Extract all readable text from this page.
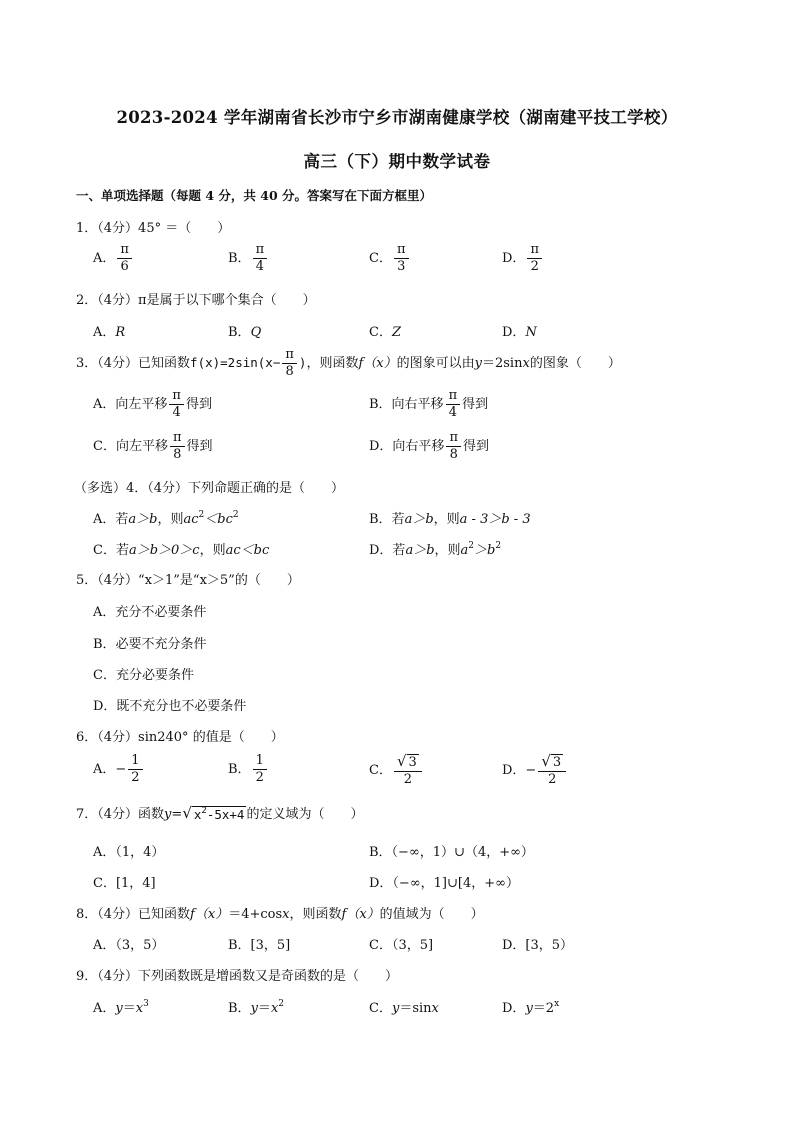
2023-2024 学年湖南省长沙市宁乡市湖南健康学校（湖南建平技工学校）
高三（下）期中数学试卷
一、单项选择题（每题 4 分，共 40 分。答案写在下面方框里）
1．（4分）45° ＝（　　）
A． $\frac{\pi}{6}$	B． $\frac{\pi}{4}$	C． $\frac{\pi}{3}$	D． $\frac{\pi}{2}$
2．（4分）π是属于以下哪个集合（　　）
A．R	B．Q	C．Z	D．N
3．（4分）已知函数$f(x)=2\sin(x- \frac{\pi}{8}$ )，则函数f（x）的图象可以由y＝2sinx的图象（　　）
A．向左平移 $\frac{\pi}{4}$ 得到	B．向右平移 $\frac{\pi}{4}$ 得到
C．向左平移 $\frac{\pi}{8}$ 得到	D．向右平移 $\frac{\pi}{8}$ 得到
（多选）4．（4分）下列命题正确的是（　　）
A．若a＞b，则$ac^2<bc^2$	B．若a＞b，则a - 3＞b - 3
C．若a＞b＞0＞c，则ac＜bc	D．若a＞b，则$a^2>b^2$
5．（4分）“x＞1”是“x＞5”的（　　）
A．充分不必要条件
B．必要不充分条件
C．充分必要条件
D．既不充分也不必要条件
6．（4分）sin240° 的值是（　　）
A．− $\frac{1}{2}$	B． $\frac{1}{2}$	C． $\frac{√ 3}{2}$	D．− $\frac{√ 3}{2}$
7．（4分）函数y= √ $x^2-5x+4$ 的定义域为（　　）
A．（1，4）	B．（−∞，1）∪（4，+∞）
C．[1，4]	D．（−∞，1]∪[4，+∞）
8．（4分）已知函数f（x）＝4+cosx，则函数f（x）的值域为（　　）
A．（3，5）	B．[3，5]	C．（3，5]	D．[3，5）
9．（4分）下列函数既是增函数又是奇函数的是（　　）
A．$y=x^3$	B．$y=x^2$	C．y＝sinx	D．$y=2^x$
